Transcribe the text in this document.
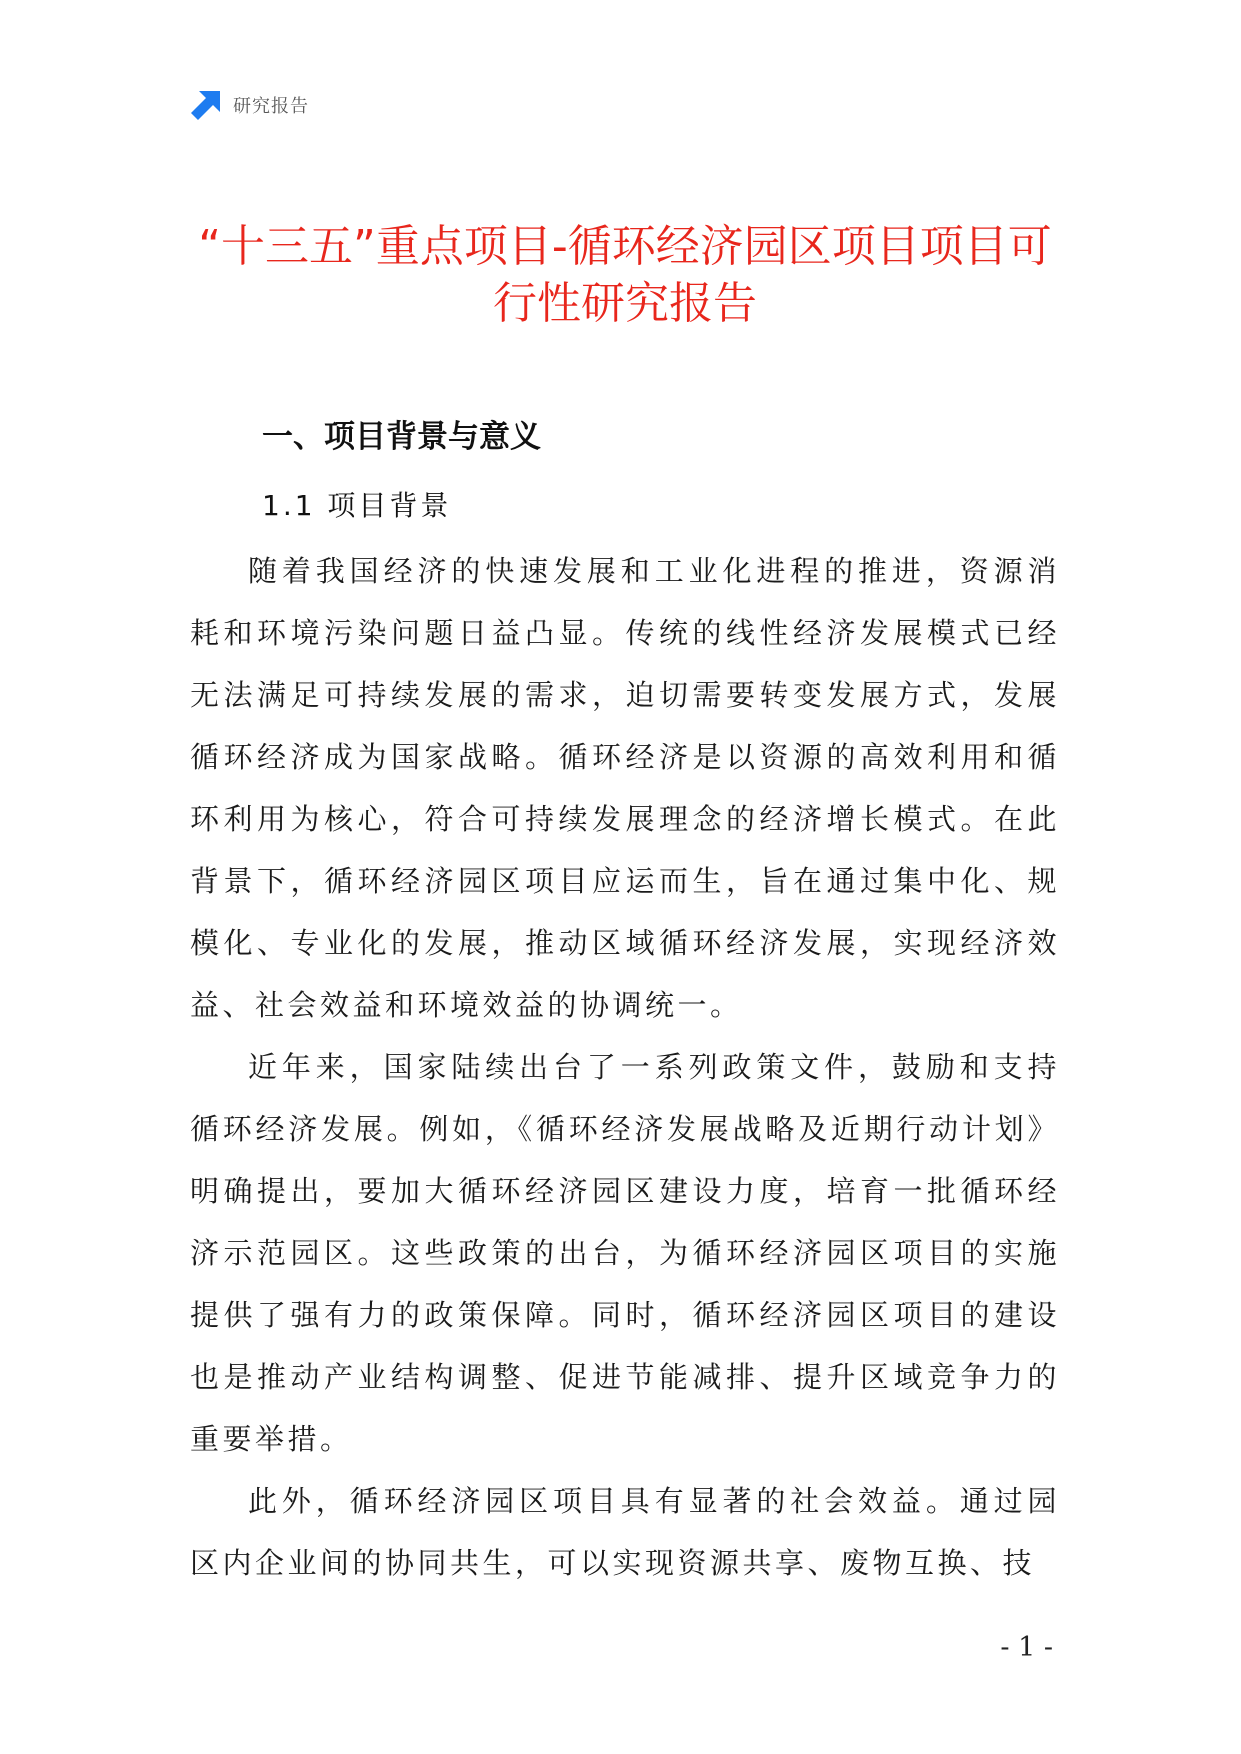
研究报告
“十三五”重点项目-循环经济园区项目项目可行性研究报告
一、项目背景与意义
1.1 项目背景

随着我国经济的快速发展和工业化进程的推进，资源消耗和环境污染问题日益凸显。传统的线性经济发展模式已经无法满足可持续发展的需求，迫切需要转变发展方式，发展循环经济成为国家战略。循环经济是以资源的高效利用和循环利用为核心，符合可持续发展理念的经济增长模式。在此背景下，循环经济园区项目应运而生，旨在通过集中化、规模化、专业化的发展，推动区域循环经济发展，实现经济效益、社会效益和环境效益的协调统一。

近年来，国家陆续出台了一系列政策文件，鼓励和支持循环经济发展。例如，《循环经济发展战略及近期行动计划》明确提出，要加大循环经济园区建设力度，培育一批循环经济示范园区。这些政策的出台，为循环经济园区项目的实施提供了强有力的政策保障。同时，循环经济园区项目的建设也是推动产业结构调整、促进节能减排、提升区域竞争力的重要举措。

此外，循环经济园区项目具有显著的社会效益。通过园区内企业间的协同共生，可以实现资源共享、废物互换、技

- 1 -
